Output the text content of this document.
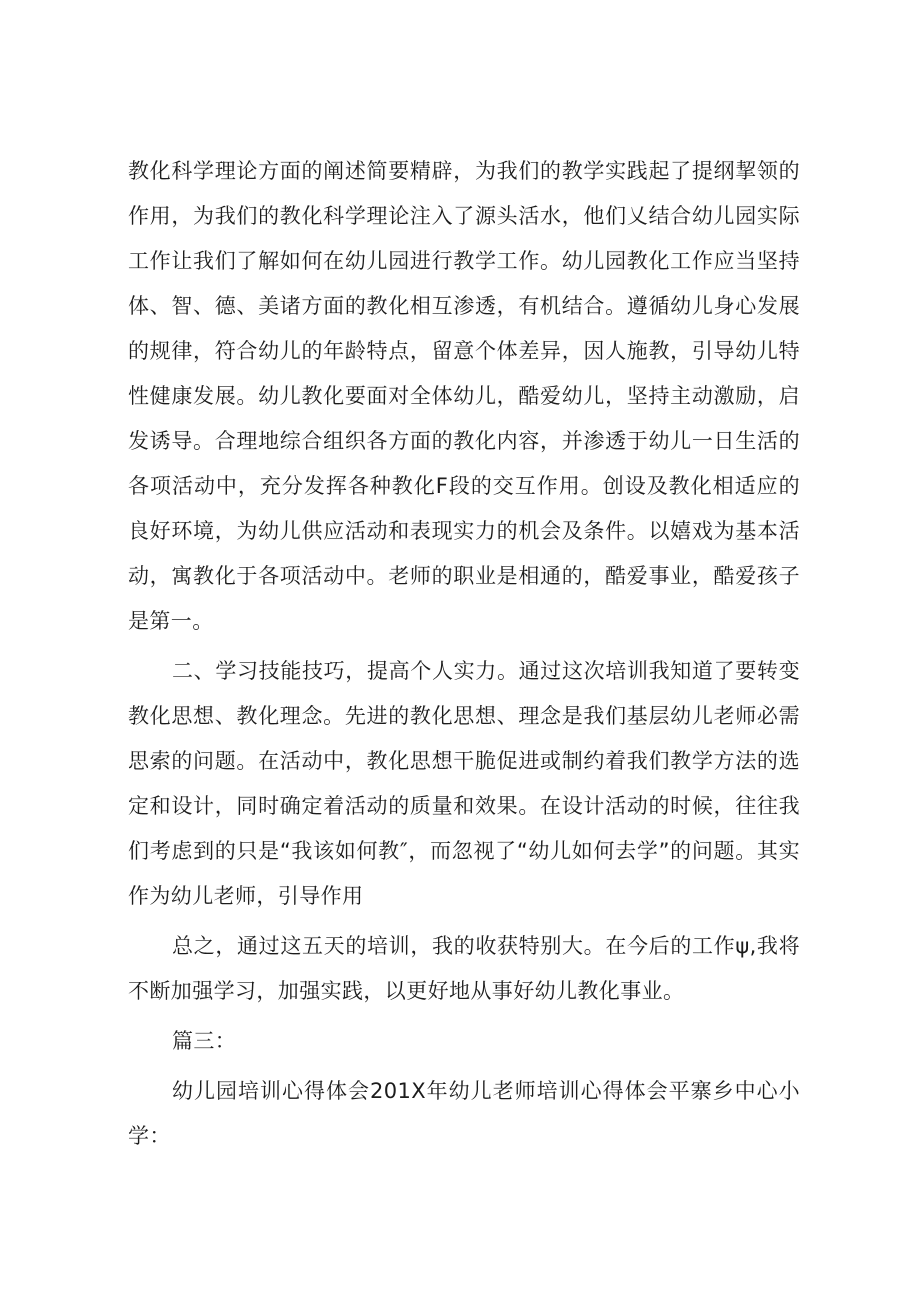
教化科学理论方面的阐述简要精辟，为我们的教学实践起了提纲挈领的作用，为我们的教化科学理论注入了源头活水，他们乂结合幼儿园实际工作让我们了解如何在幼儿园进行教学工作。幼儿园教化工作应当坚持体、智、德、美诸方面的教化相互渗透，有机结合。遵循幼儿身心发展的规律，符合幼儿的年龄特点，留意个体差异，因人施教，引导幼儿特性健康发展。幼儿教化要面对全体幼儿，酷爱幼儿，坚持主动激励，启发诱导。合理地综合组织各方面的教化内容，并渗透于幼儿一日生活的各项活动中，充分发挥各种教化F段的交互作用。创设及教化相适应的良好环境，为幼儿供应活动和表现实力的机会及条件。以嬉戏为基本活动，寓教化于各项活动中。老师的职业是相通的，酷爱事业，酷爱孩子是第一。

二、学习技能技巧，提高个人实力。通过这次培训我知道了要转变教化思想、教化理念。先进的教化思想、理念是我们基层幼儿老师必需思索的问题。在活动中，教化思想干脆促进或制约着我们教学方法的选定和设计，同时确定着活动的质量和效果。在设计活动的时候，往往我们考虑到的只是“我该如何教″，而忽视了“幼儿如何去学”的问题。其实作为幼儿老师，引导作用

总之，通过这五天的培训，我的收获特别大。在今后的工作ψ,我将不断加强学习，加强实践，以更好地从事好幼儿教化事业。

篇三：

幼儿园培训心得体会201X年幼儿老师培训心得体会平寨乡中心小学：
